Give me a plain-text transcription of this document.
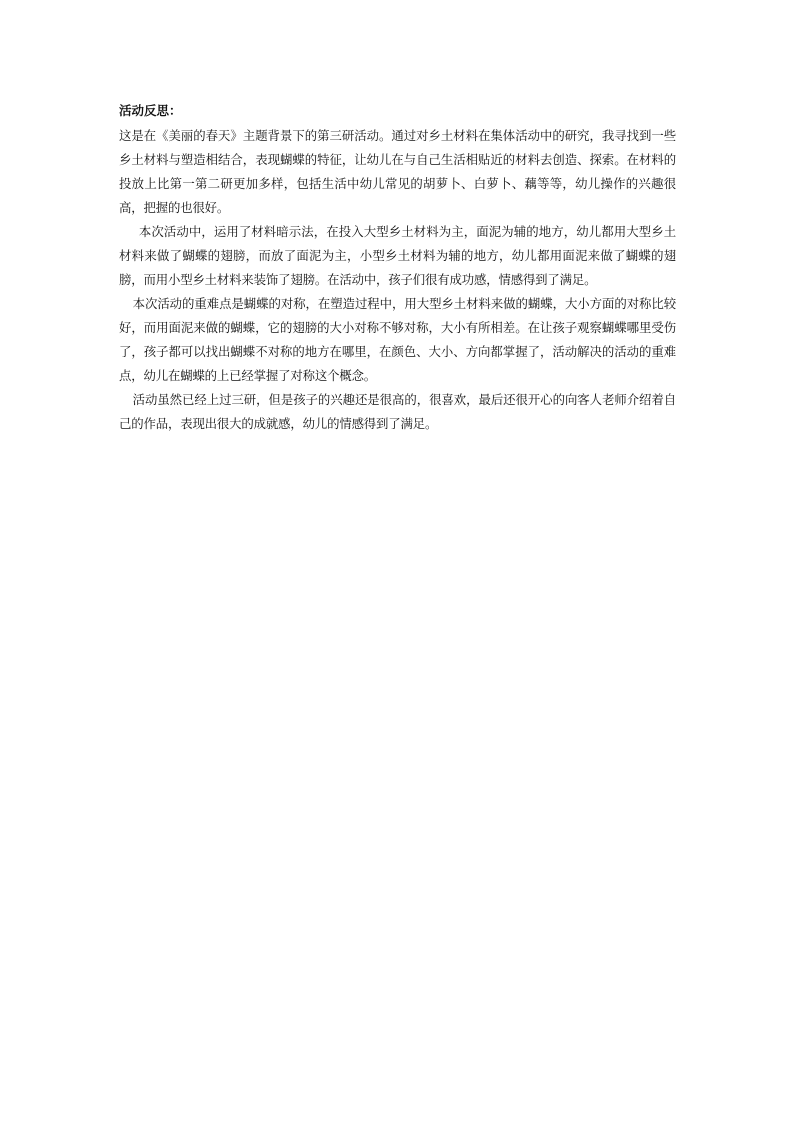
活动反思：

这是在《美丽的春天》主题背景下的第三研活动。通过对乡土材料在集体活动中的研究，我寻找到一些乡土材料与塑造相结合，表现蝴蝶的特征，让幼儿在与自己生活相贴近的材料去创造、探索。在材料的投放上比第一第二研更加多样，包括生活中幼儿常见的胡萝卜、白萝卜、藕等等，幼儿操作的兴趣很高，把握的也很好。

本次活动中，运用了材料暗示法，在投入大型乡土材料为主，面泥为辅的地方，幼儿都用大型乡土材料来做了蝴蝶的翅膀，而放了面泥为主，小型乡土材料为辅的地方，幼儿都用面泥来做了蝴蝶的翅膀，而用小型乡土材料来装饰了翅膀。在活动中，孩子们很有成功感，情感得到了满足。

本次活动的重难点是蝴蝶的对称，在塑造过程中，用大型乡土材料来做的蝴蝶，大小方面的对称比较好，而用面泥来做的蝴蝶，它的翅膀的大小对称不够对称，大小有所相差。在让孩子观察蝴蝶哪里受伤了，孩子都可以找出蝴蝶不对称的地方在哪里，在颜色、大小、方向都掌握了，活动解决的活动的重难点，幼儿在蝴蝶的上已经掌握了对称这个概念。

活动虽然已经上过三研，但是孩子的兴趣还是很高的，很喜欢，最后还很开心的向客人老师介绍着自己的作品，表现出很大的成就感，幼儿的情感得到了满足。
